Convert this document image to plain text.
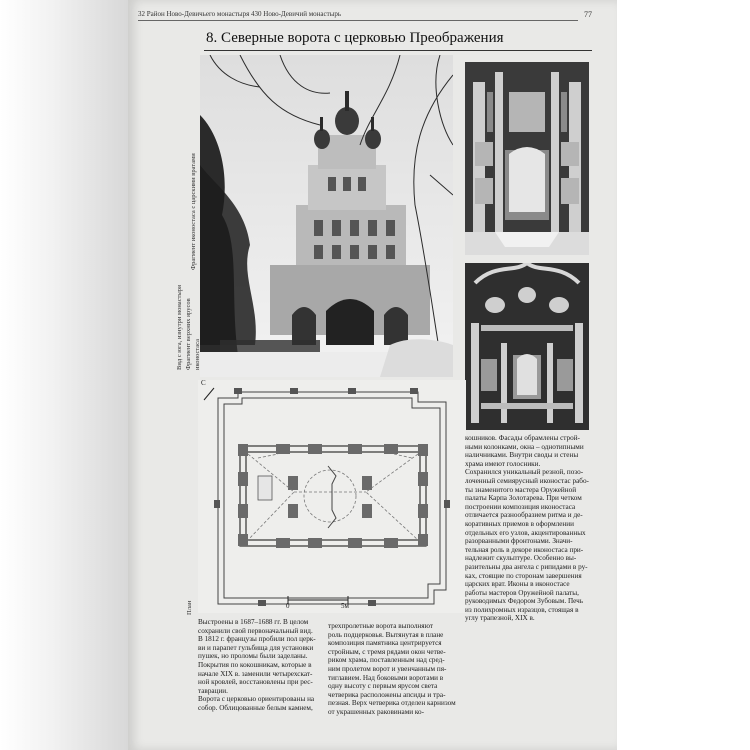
32 Район Ново-Девичьего монастыря 430 Ново-Девичий монастырь	77
8. Северные ворота с церковью Преображения
Фрагмент иконостаса с царскими вратами
Вид с юга, изнутри монастыря Фрагмент верхних ярусов иконостаса
План
С
0	5м

Выстроены в 1687–1688 гг. В целом

сохранили свой первоначальный вид.

В 1812 г. французы пробили пол церк-

ви и парапет гульбища для установки

пушек, но проломы были заделаны.

Покрытия по кокошникам, которые в

начале XIX в. заменили четырехскат-

ной кровлей, восстановлены при рес-

таврации.

Ворота с церковью ориентированы на

собор. Облицованные белым камнем,

трехпролетные ворота выполняют

роль подцерковья. Вытянутая в плане

композиция памятника центрируется

стройным, с тремя рядами окон четве-

риком храма, поставленным над сред-

ним пролетом ворот и увенчанным пя-

тиглавием. Над боковыми воротами в

одну высоту с первым ярусом света

четверика расположены апсиды и тра-

пезная. Верх четверика отделен карнизом

от украшенных раковинами ко-

кошников. Фасады обрамлены строй-

ными колонками, окна – однотипными

наличниками. Внутри своды и стены

храма имеют голосники.

Сохранился уникальный резной, позо-

лоченный семиярусный иконостас рабо-

ты знаменитого мастера Оружейной

палаты Карпа Золотарева. При четком

построении композиция иконостаса

отличается разнообразием ритма и де-

коративных приемов в оформлении

отдельных его узлов, акцентированных

разорванными фронтонами. Значи-

тельная роль в декоре иконостаса при-

надлежит скульптуре. Особенно вы-

разительны два ангела с рипидами в ру-

ках, стоящие по сторонам завершения

царских врат. Иконы в иконостасе

работы мастеров Оружейной палаты,

руководимых Федором Зубовым. Печь

из полихромных изразцов, стоящая в

углу трапезной, XIX в.
